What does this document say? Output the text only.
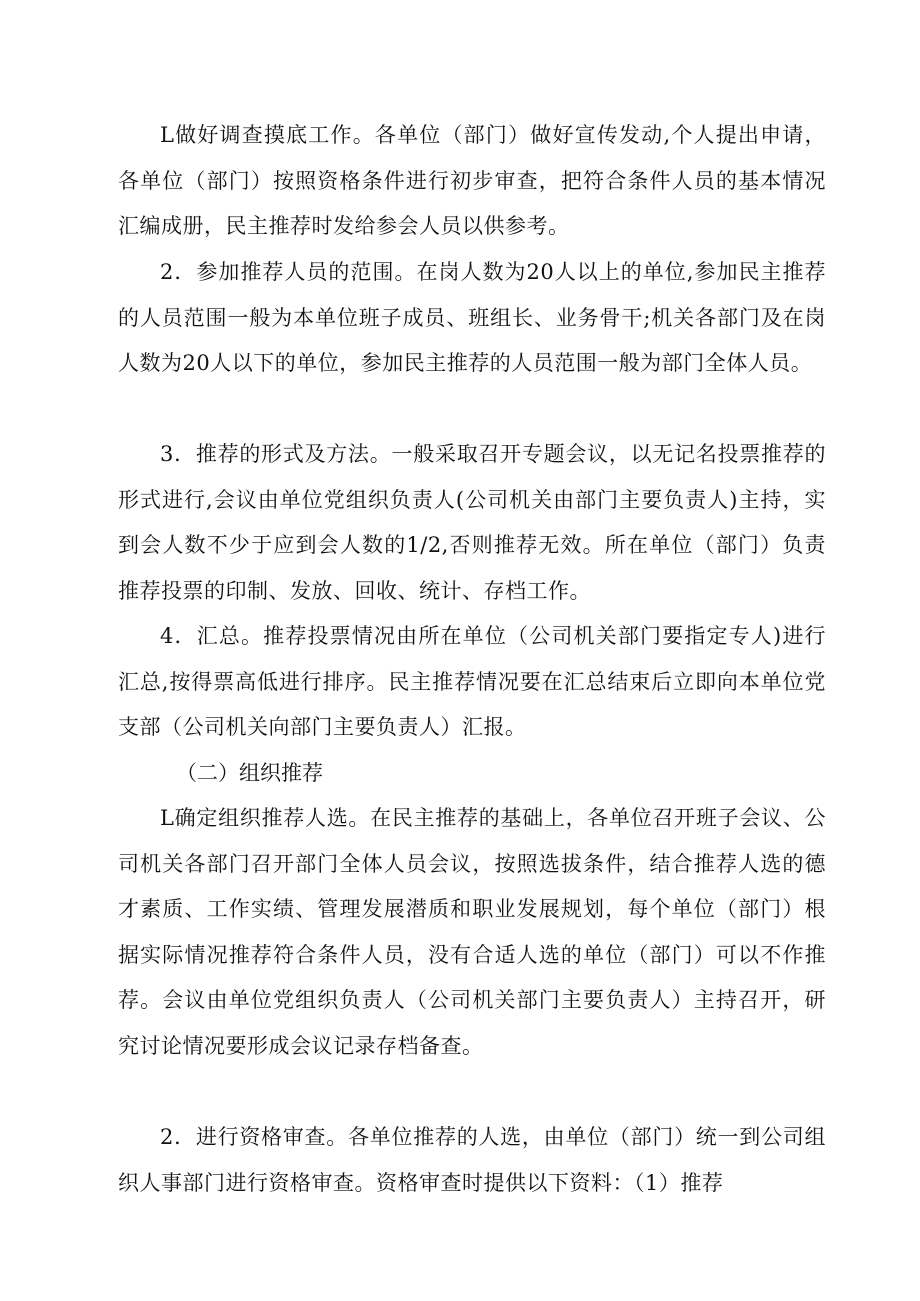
L做好调查摸底工作。各单位（部门）做好宣传发动,个人提出申请，各单位（部门）按照资格条件进行初步审查，把符合条件人员的基本情况汇编成册，民主推荐时发给参会人员以供参考。

2．参加推荐人员的范围。在岗人数为20人以上的单位,参加民主推荐的人员范围一般为本单位班子成员、班组长、业务骨干;机关各部门及在岗人数为20人以下的单位，参加民主推荐的人员范围一般为部门全体人员。

3．推荐的形式及方法。一般采取召开专题会议，以无记名投票推荐的形式进行,会议由单位党组织负责人(公司机关由部门主要负责人)主持，实到会人数不少于应到会人数的1/2,否则推荐无效。所在单位（部门）负责推荐投票的印制、发放、回收、统计、存档工作。

4．汇总。推荐投票情况由所在单位（公司机关部门要指定专人)进行汇总,按得票高低进行排序。民主推荐情况要在汇总结束后立即向本单位党支部（公司机关向部门主要负责人）汇报。

（二）组织推荐

L确定组织推荐人选。在民主推荐的基础上，各单位召开班子会议、公司机关各部门召开部门全体人员会议，按照选拔条件，结合推荐人选的德才素质、工作实绩、管理发展潜质和职业发展规划，每个单位（部门）根据实际情况推荐符合条件人员，没有合适人选的单位（部门）可以不作推荐。会议由单位党组织负责人（公司机关部门主要负责人）主持召开，研究讨论情况要形成会议记录存档备查。

2．进行资格审查。各单位推荐的人选，由单位（部门）统一到公司组织人事部门进行资格审查。资格审查时提供以下资料：（1）推荐
